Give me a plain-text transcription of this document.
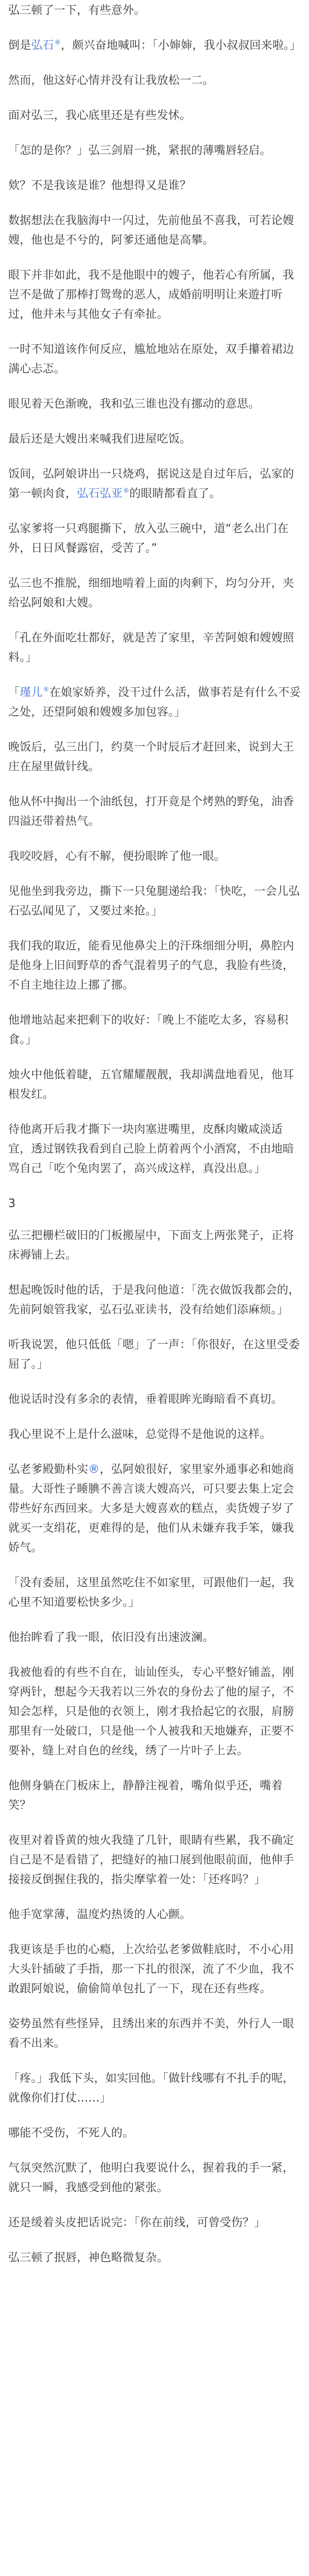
弘三顿了一下，有些意外。

倒是弘石®，颇兴奋地喊叫：「小婶婶，我小叔叔回来啦。」

然而，他这好心情并没有让我放松一二。

面对弘三，我心底里还是有些发怵。

「怎的是你？」弘三剑眉一挑，紧抿的薄嘴唇轻启。

欸？不是我该是谁？他想得又是谁？

数据想法在我脑海中一闪过，先前他虽不喜我，可若论嫂嫂，他也是不兮的，阿爹还通他是高攀。

眼下并非如此，我不是他眼中的嫂子，他若心有所属，我岂不是做了那棒打鸳鸯的恶人，成婚前明明让来遊打听过，他并未与其他女子有牵扯。

一时不知道该作何反应，尴尬地站在原处，双手攥着裙边满心忐忑。

眼见着天色渐晚，我和弘三谁也没有挪动的意思。

最后还是大嫂出来喊我们进屋吃饭。

饭间，弘阿娘讲出一只烧鸡，据说这是自过年后，弘家的第一顿肉食，弘石弘亚®的眼睛都看直了。

弘家爹将一只鸡腿撕下，放入弘三碗中，道“老么出门在外，日日风餐露宿，受苦了。”

弘三也不推脱，细细地啃着上面的肉剩下，均匀分开，夹给弘阿娘和大嫂。

「孔在外面吃壮都好，就是苦了家里，辛苦阿娘和嫂嫂照料。」

「瑾儿®在娘家娇养，没干过什么活，做事若是有什么不妥之处，还望阿娘和嫂嫂多加包容。」

晚饭后，弘三出门，约莫一个时辰后才赶回来，说到大王庄在屋里做针线。

他从怀中掏出一个油纸包，打开竟是个烤熟的野兔，油香四溢还带着热气。

我咬咬唇，心有不解，便扮眼眸了他一眼。

见他坐到我旁边，撕下一只兔腿递给我：「快吃，一会儿弘石弘弘闻见了，又要过来抢。」

我们我的取近，能看见他鼻尖上的汗珠细细分明，鼻腔内是他身上旧间野草的香气混着男子的气息，我脸有些烫，不自主地往边上挪了挪。

他增地站起来把剩下的收好：「晚上不能吃太多，容易积食。」

烛火中他低着睫，五官耀耀靓靓，我却满盘地看见，他耳根发红。

待他离开后我才撕下一块肉塞进嘴里，皮酥肉嫩咸淡适宜，透过钢铁我看到自己脸上荫着两个小酒窝，不由地暗骂自己「吃个兔肉罢了，高兴成这样，真没出息。」

3

弘三把栅栏破旧的门板搬屋中，下面支上两张凳子，正将床褥铺上去。

想起晚饭时他的话，于是我问他道：「洗衣做饭我都会的，先前阿娘管我家，弘石弘亚读书，没有给她们添麻烦。」

听我说罢，他只低低「嗯」了一声：「你很好，在这里受委屈了。」

他说话时没有多余的表情，垂着眼眸光晦暗看不真切。

我心里说不上是什么滋味，总觉得不是他说的这样。

弘老爹殿勤朴实®，弘阿娘很好，家里家外通事必和她商量。大哥性子睡腆不善言谈大嫂高兴，可只要去集上定会带些好东西回来。大多是大嫂喜欢的糕点，卖货嫂子岁了就买一支绢花，更难得的是，他们从未嫌弃我手笨，嫌我娇气。

「没有委屈，这里虽然吃住不如家里，可跟他们一起，我心里不知道要松快多少。」

他抬眸看了我一眼，依旧没有出速波澜。

我被他看的有些不自在，讪讪侄头，专心平整好铺盖，刚穿两针，想起今天我若以三外农的身份去了他的屋子，不知会怎样，只是他的衣领上，刚才我拾起它的衣服，肩膀那里有一处破口，只是他一个人被我和天地嫌弃，正要不要补，缝上对自色的丝线，绣了一片叶子上去。

他侧身躺在门板床上，静静注视着，嘴角似乎还，嘴着笑？

夜里对着昏黄的烛火我缝了几针，眼睛有些累，我不确定自己是不是看错了，把缝好的袖口展到他眼前面，他伸手接接反倒握住我的，指尖摩挲着一处：「还疼吗？」

他手宽掌薄，温度灼热烫的人心颤。

我更该是手也的心瘾，上次给弘老爹做鞋底时，不小心用大头针插破了手指，那一下扎的很深，流了不少血，我不敢跟阿娘说，偷偷简单包扎了一下，现在还有些疼。

姿势虽然有些怪异，且绣出来的东西并不美，外行人一眼看不出来。

「疼。」我低下头，如实回他。「做针线哪有不扎手的呢，就像你们打仗……」

哪能不受伤，不死人的。

气氛突然沉默了，他明白我要说什么，握着我的手一紧，就只一瞬，我感受到他的紧张。

还是缓着头皮把话说完：「你在前线，可曾受伤？」

弘三顿了抿唇，神色略微复杂。
